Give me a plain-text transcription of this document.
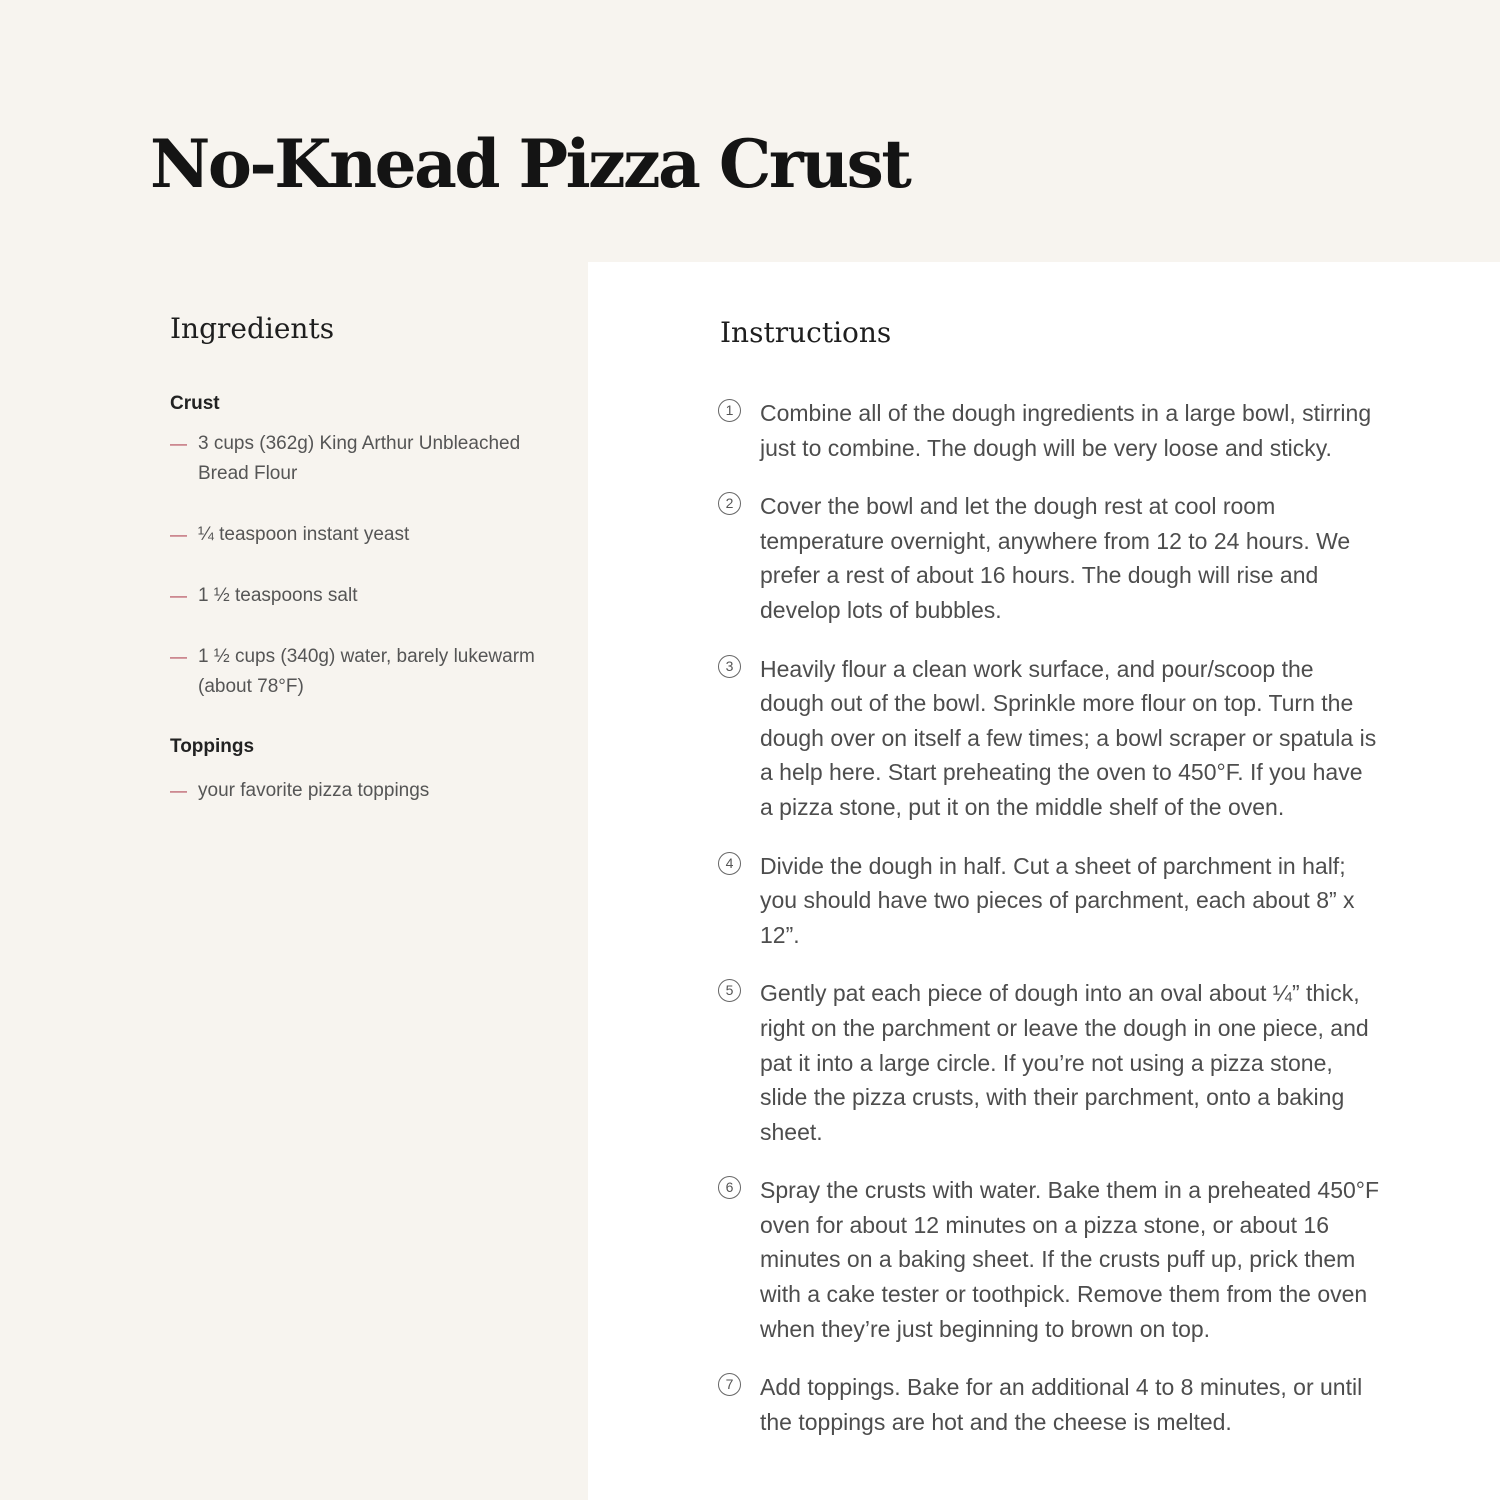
No-Knead Pizza Crust
Ingredients
Crust
— 3 cups (362g) King Arthur Unbleached Bread Flour
— ¼ teaspoon instant yeast
— 1 ½ teaspoons salt
— 1 ½ cups (340g) water, barely lukewarm (about 78°F)
Toppings
— your favorite pizza toppings
Instructions
1	Combine all of the dough ingredients in a large bowl, stirring just to combine. The dough will be very loose and sticky.
2	Cover the bowl and let the dough rest at cool room temperature overnight, anywhere from 12 to 24 hours. We prefer a rest of about 16 hours. The dough will rise and develop lots of bubbles.
3	Heavily flour a clean work surface, and pour/scoop the dough out of the bowl. Sprinkle more flour on top. Turn the dough over on itself a few times; a bowl scraper or spatula is a help here. Start preheating the oven to 450°F. If you have a pizza stone, put it on the middle shelf of the oven.
4	Divide the dough in half. Cut a sheet of parchment in half; you should have two pieces of parchment, each about 8” x 12”.
5	Gently pat each piece of dough into an oval about ¼” thick, right on the parchment or leave the dough in one piece, and pat it into a large circle. If you’re not using a pizza stone, slide the pizza crusts, with their parchment, onto a baking sheet.
6	Spray the crusts with water. Bake them in a preheated 450°F oven for about 12 minutes on a pizza stone, or about 16 minutes on a baking sheet. If the crusts puff up, prick them with a cake tester or toothpick. Remove them from the oven when they’re just beginning to brown on top.
7	Add toppings. Bake for an additional 4 to 8 minutes, or until the toppings are hot and the cheese is melted.
